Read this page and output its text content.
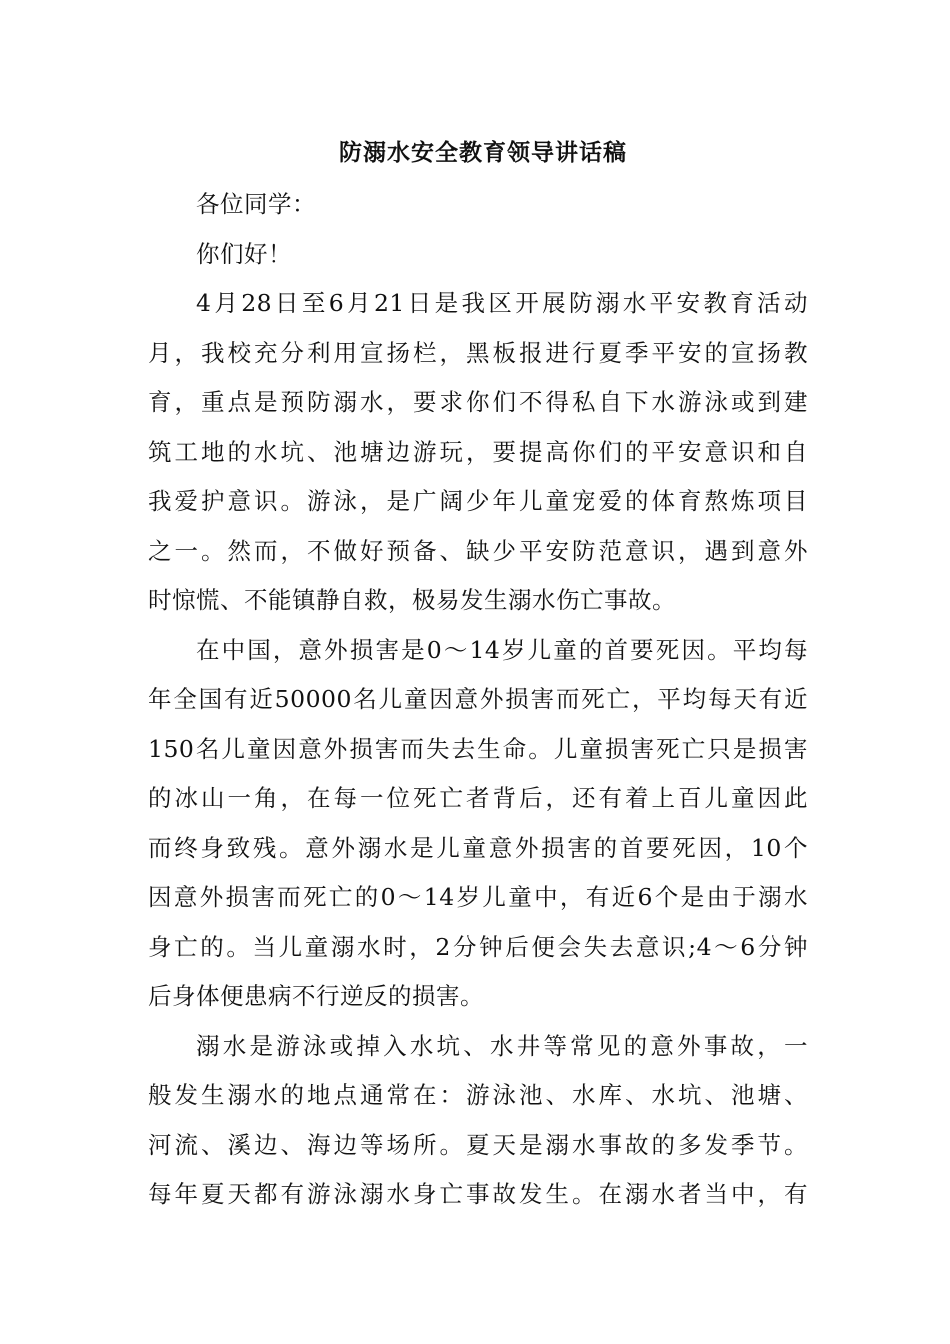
防溺水安全教育领导讲话稿

各位同学：

你们好！

4月28日至6月21日是我区开展防溺水平安教育活动
月，我校充分利用宣扬栏，黑板报进行夏季平安的宣扬教
育，重点是预防溺水，要求你们不得私自下水游泳或到建
筑工地的水坑、池塘边游玩，要提高你们的平安意识和自
我爱护意识。游泳，是广阔少年儿童宠爱的体育熬炼项目
之一。然而，不做好预备、缺少平安防范意识，遇到意外
时惊慌、不能镇静自救，极易发生溺水伤亡事故。

在中国，意外损害是0～14岁儿童的首要死因。平均每
年全国有近50000名儿童因意外损害而死亡，平均每天有近
150名儿童因意外损害而失去生命。儿童损害死亡只是损害
的冰山一角，在每一位死亡者背后，还有着上百儿童因此
而终身致残。意外溺水是儿童意外损害的首要死因，10个
因意外损害而死亡的0～14岁儿童中，有近6个是由于溺水
身亡的。当儿童溺水时，2分钟后便会失去意识;4～6分钟
后身体便患病不行逆反的损害。

溺水是游泳或掉入水坑、水井等常见的意外事故，一
般发生溺水的地点通常在：游泳池、水库、水坑、池塘、
河流、溪边、海边等场所。夏天是溺水事故的多发季节。
每年夏天都有游泳溺水身亡事故发生。在溺水者当中，有
